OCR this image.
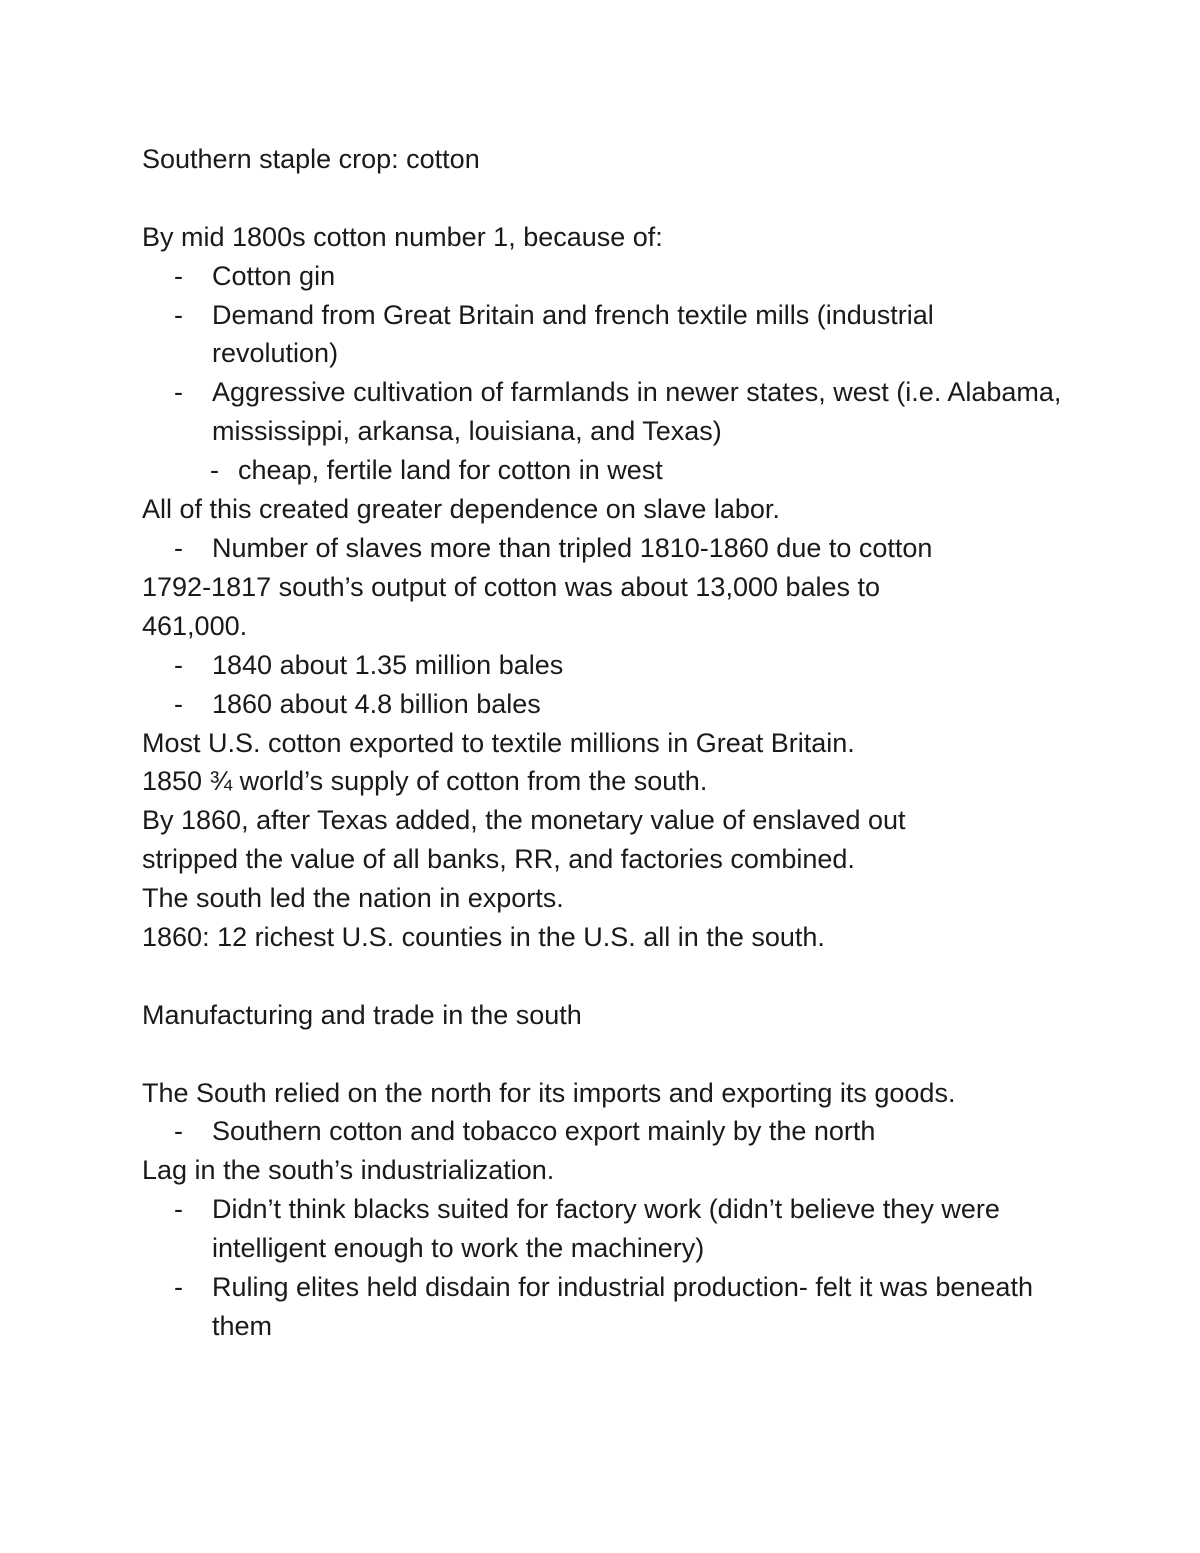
Southern staple crop: cotton
By mid 1800s cotton number 1, because of:
- Cotton gin
- Demand from Great Britain and french textile mills (industrial revolution)
- Aggressive cultivation of farmlands in newer states, west (i.e. Alabama, mississippi, arkansa, louisiana, and Texas)
- cheap, fertile land for cotton in west
All of this created greater dependence on slave labor.
- Number of slaves more than tripled 1810-1860 due to cotton
1792-1817 south’s output of cotton was about 13,000 bales to
461,000.
- 1840 about 1.35 million bales
- 1860 about 4.8 billion bales
Most U.S. cotton exported to textile millions in Great Britain.
1850 ¾ world’s supply of cotton from the south.
By 1860, after Texas added, the monetary value of enslaved out
stripped the value of all banks, RR, and factories combined.
The south led the nation in exports.
1860: 12 richest U.S. counties in the U.S. all in the south.
Manufacturing and trade in the south
The South relied on the north for its imports and exporting its goods.
- Southern cotton and tobacco export mainly by the north
Lag in the south’s industrialization.
- Didn’t think blacks suited for factory work (didn’t believe they were intelligent enough to work the machinery)
- Ruling elites held disdain for industrial production- felt it was beneath them
